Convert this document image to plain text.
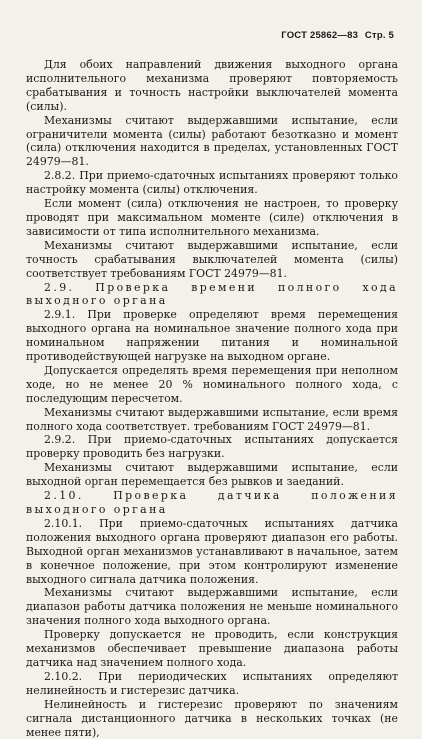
ГОСТ 25862—83 Стр. 5

Для обоих направлений движения выходного органа исполнительного механизма проверяют повторяемость срабатывания и точность настройки выключателей момента (силы).

Механизмы считают выдержавшими испытание, если ограничители момента (силы) работают безотказно и момент (сила) отключения находится в пределах, установленных ГОСТ 24979—81.

2.8.2. При приемо-сдаточных испытаниях проверяют только настройку момента (силы) отключения.

Если момент (сила) отключения не настроен, то проверку проводят при максимальном моменте (силе) отключения в зависимости от типа исполнительного механизма.

Механизмы считают выдержавшими испытание, если точность срабатывания выключателей момента (силы) соответствует требованиям ГОСТ 24979—81.

2.9. Проверка времени полного хода выходного органа

2.9.1. При проверке определяют время перемещения выходного органа на номинальное значение полного хода при номинальном напряжении питания и номинальной противодействующей нагрузке на выходном органе.

Допускается определять время перемещения при неполном ходе, но не менее 20 % номинального полного хода, с последующим пересчетом.

Механизмы считают выдержавшими испытание, если время полного хода соответствует. требованиям ГОСТ 24979—81.

2.9.2. При приемо-сдаточных испытаниях допускается проверку проводить без нагрузки.

Механизмы считают выдержавшими испытание, если выходной орган перемещается без рывков и заеданий.

2.10. Проверка датчика положения выходного органа

2.10.1. При приемо-сдаточных испытаниях датчика положения выходного органа проверяют диапазон его работы. Выходной орган механизмов устанавливают в начальное, затем в конечное положение, при этом контролируют изменение выходного сигнала датчика положения.

Механизмы считают выдержавшими испытание, если диапазон работы датчика положения не меньше номинального значения полного хода выходного органа.

Проверку допускается не проводить, если конструкция механизмов обеспечивает превышение диапазона работы датчика над значением полного хода.

2.10.2. При периодических испытаниях определяют нелинейность и гистерезис датчика.

Нелинейность и гистерезис проверяют по значениям сигнала дистанционного датчика в нескольких точках (не менее пяти),
